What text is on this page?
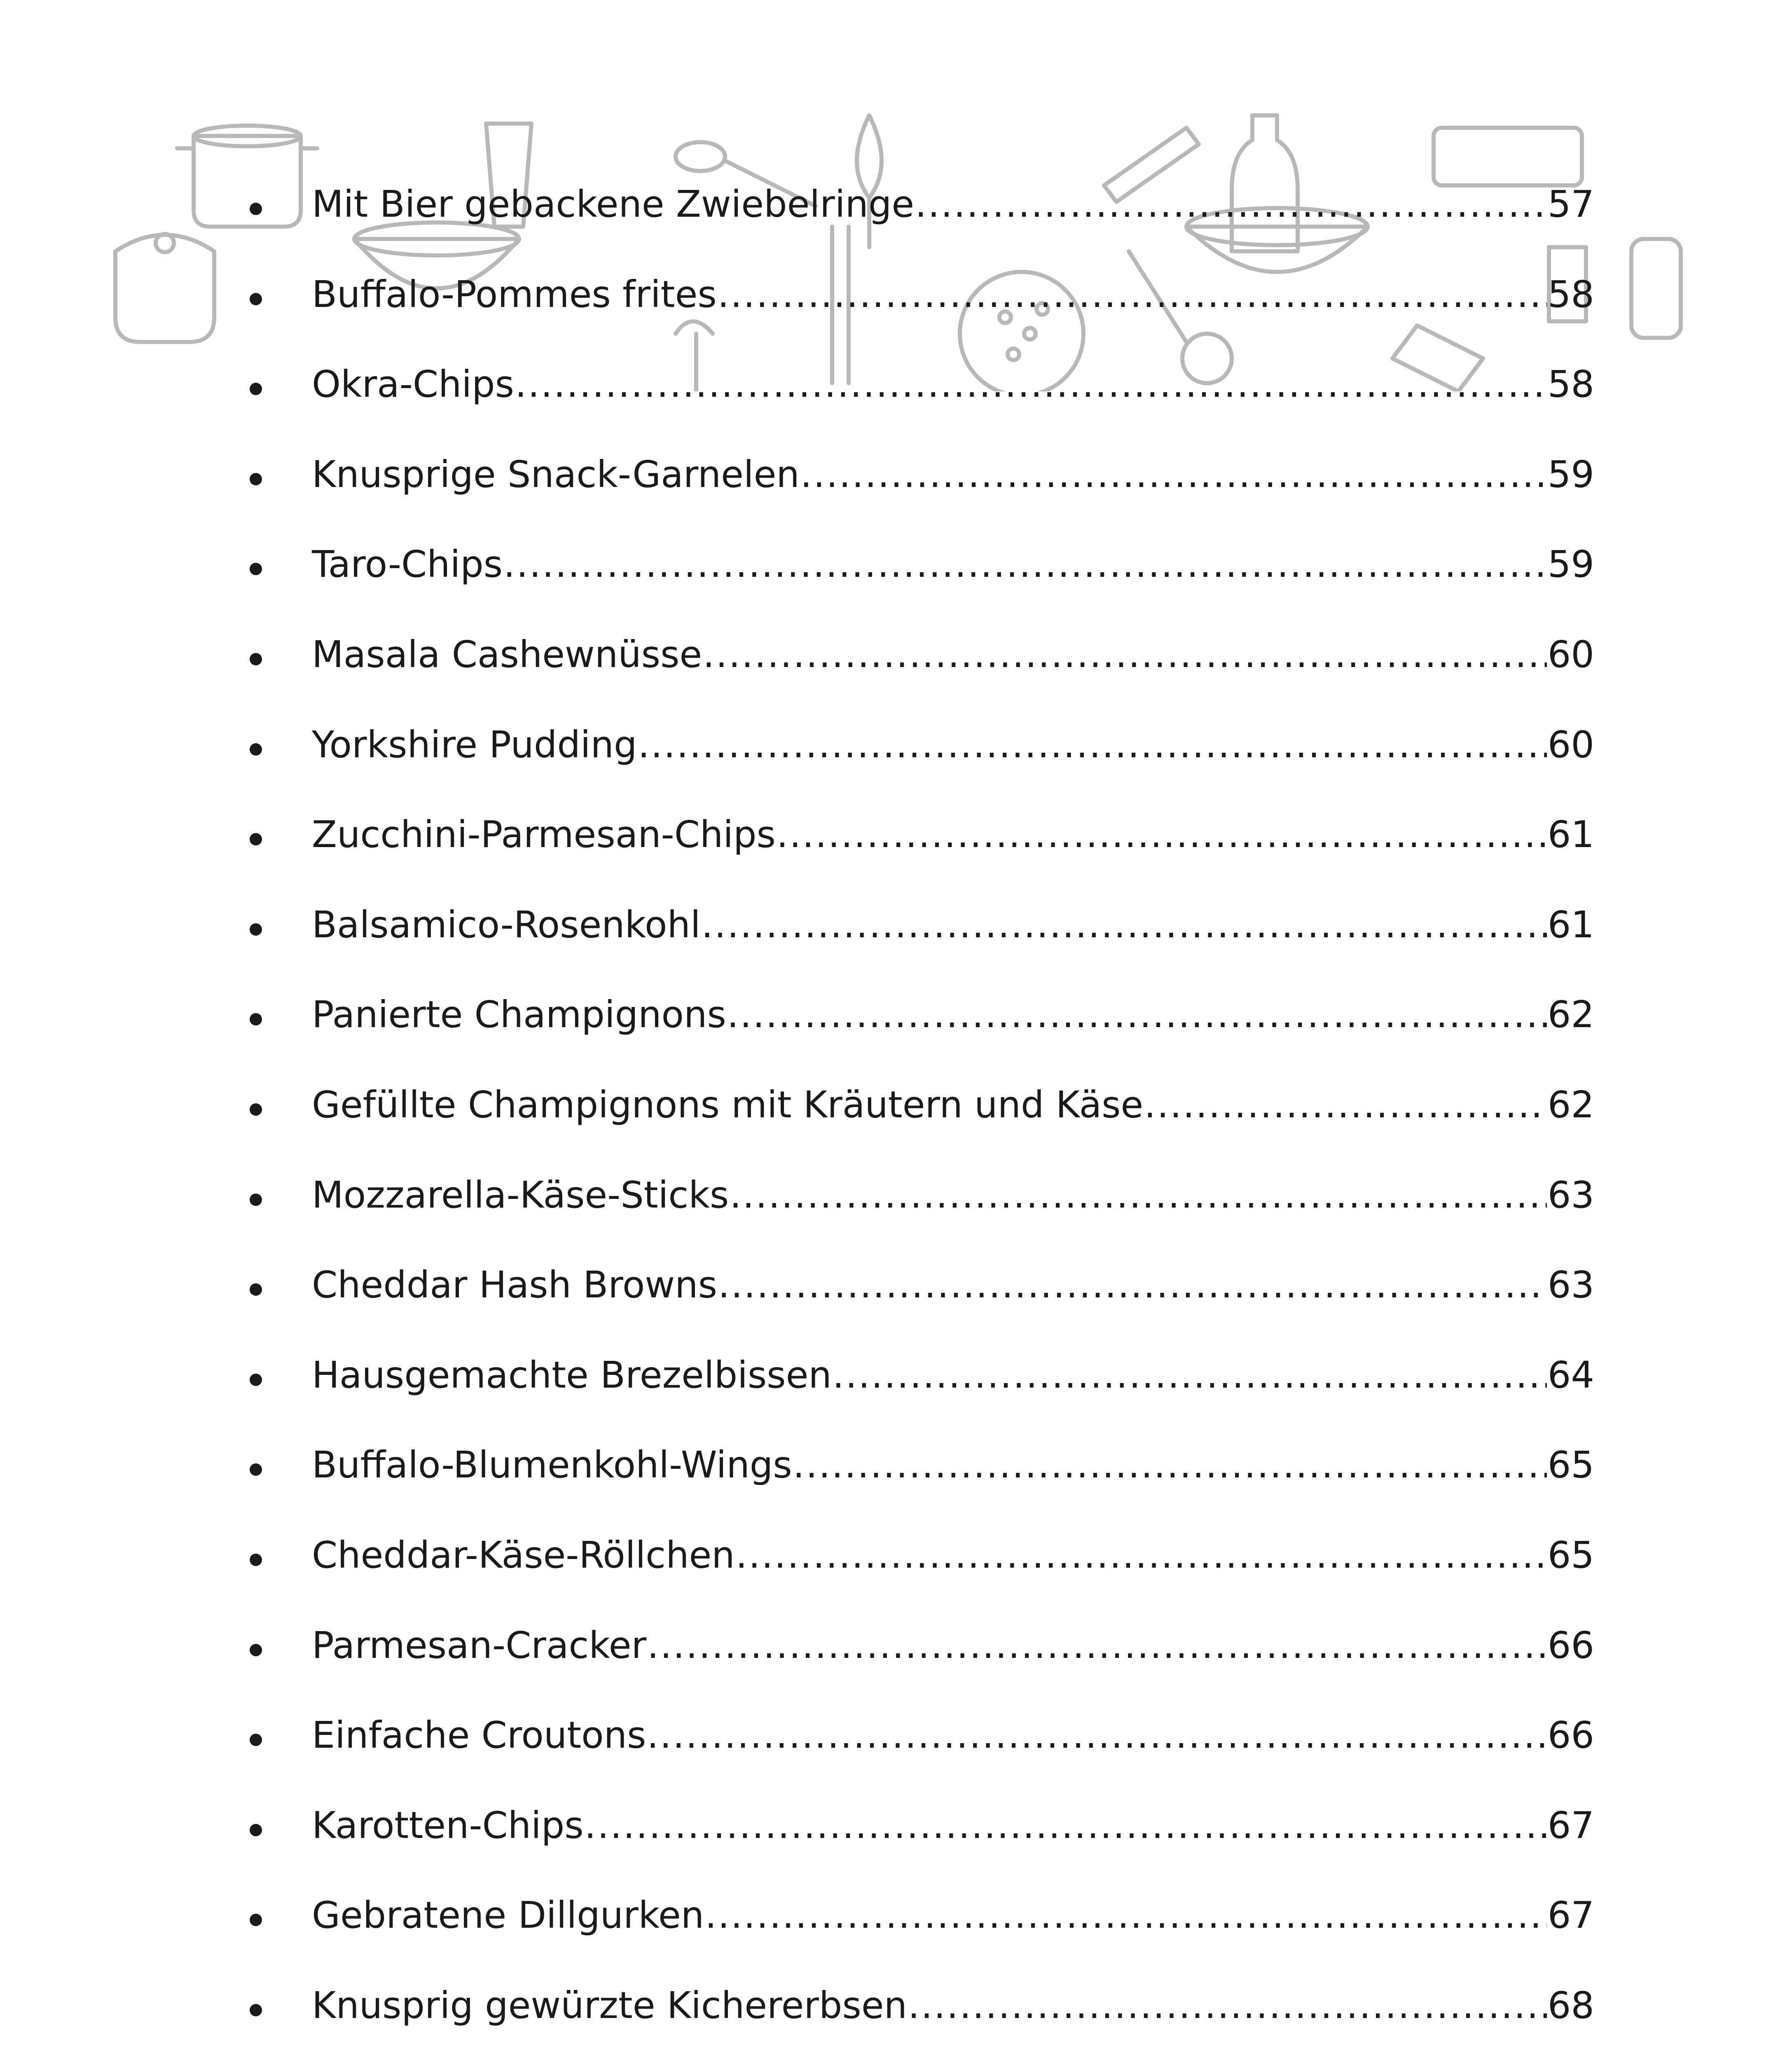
Mit Bier gebackene Zwiebelringe .....	57
Buffalo-Pommes frites .....	58
Okra-Chips .....	58
Knusprige Snack-Garnelen .....	59
Taro-Chips .....	59
Masala Cashewnüsse .....	60
Yorkshire Pudding .....	60
Zucchini-Parmesan-Chips .....	61
Balsamico-Rosenkohl .....	61
Panierte Champignons .....	62
Gefüllte Champignons mit Kräutern und Käse .....	62
Mozzarella-Käse-Sticks .....	63
Cheddar Hash Browns .....	63
Hausgemachte Brezelbissen .....	64
Buffalo-Blumenkohl-Wings .....	65
Cheddar-Käse-Röllchen .....	65
Parmesan-Cracker .....	66
Einfache Croutons .....	66
Karotten-Chips .....	67
Gebratene Dillgurken .....	67
Knusprig gewürzte Kichererbsen .....	68
